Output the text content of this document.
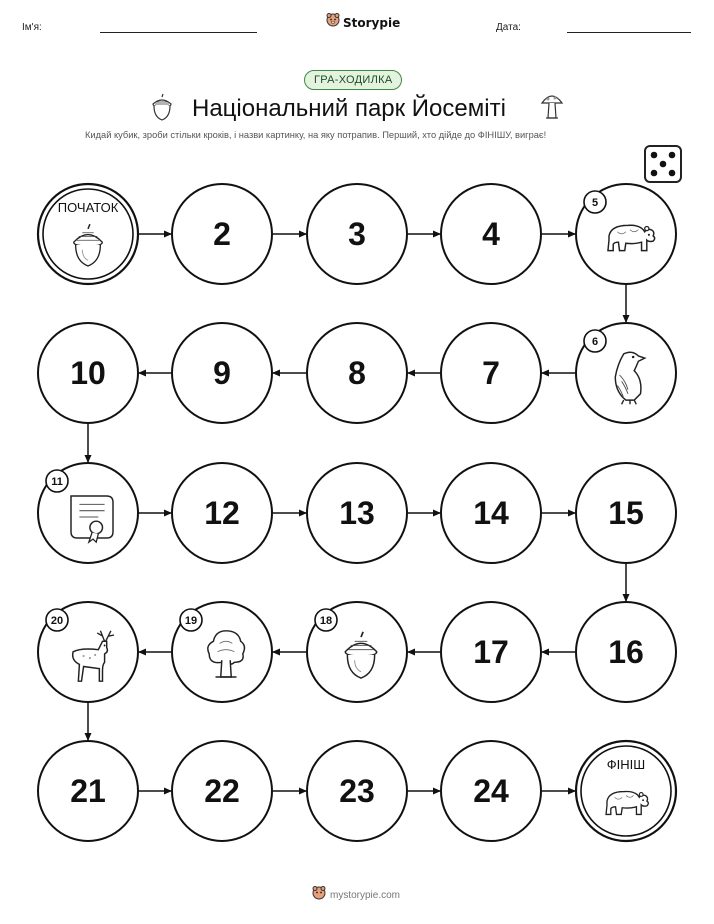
Ім'я:	Storypie	Дата:
ГРА-ХОДИЛКА
Національний парк Йосеміті
Кидай кубик, зроби стільки кроків, і назви картинку, на яку потрапив. Перший, хто дійде до ФІНІШУ, виграє!
ПОЧАТОК
2	3	4
5
6
7
8
9
10
11
12	13	14	15
16
17
18
19
20
21	22	23	24
ФІНІШ
mystorypie.com
